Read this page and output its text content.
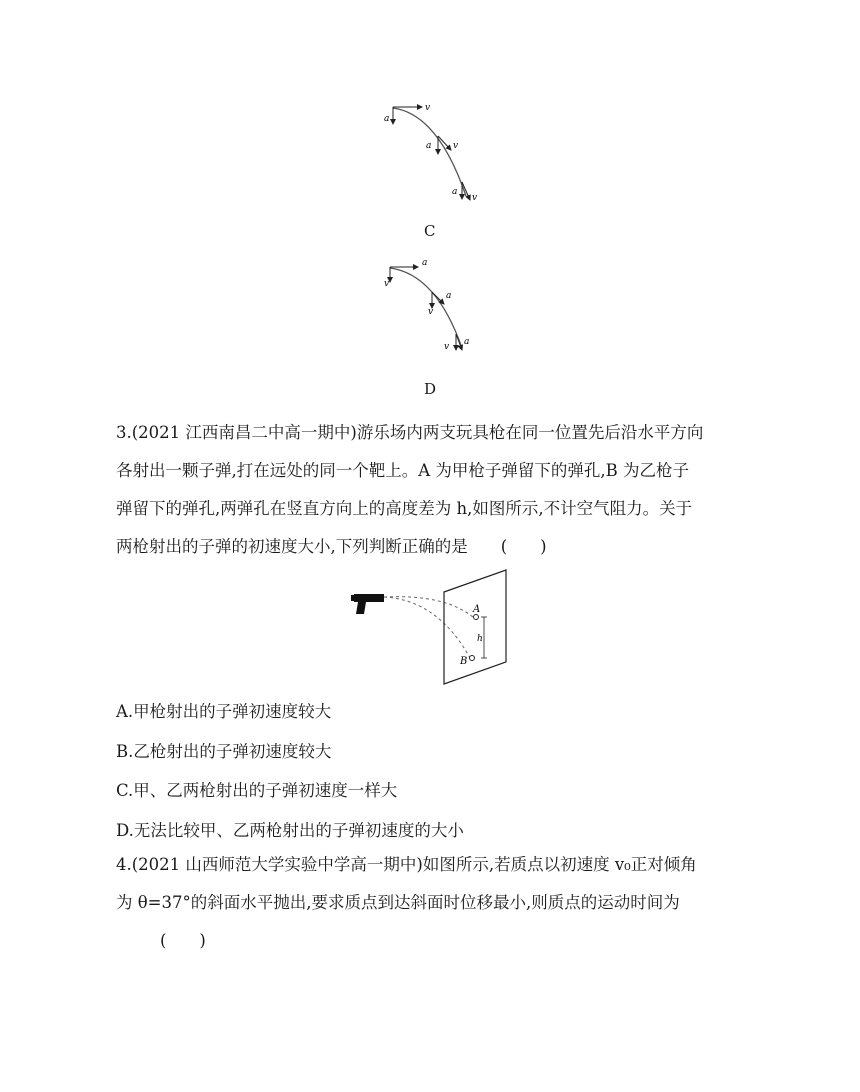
v
a
a v
a
v
C
a
v
a
v
v a
D
3.(2021 江西南昌二中高一期中)游乐场内两支玩具枪在同一位置先后沿水平方向
各射出一颗子弹,打在远处的同一个靶上。A 为甲枪子弹留下的弹孔,B 为乙枪子
弹留下的弹孔,两弹孔在竖直方向上的高度差为 h,如图所示,不计空气阻力。关于
两枪射出的子弹的初速度大小,下列判断正确的是　　(　　)
A
B
h
A.甲枪射出的子弹初速度较大
B.乙枪射出的子弹初速度较大
C.甲、乙两枪射出的子弹初速度一样大
D.无法比较甲、乙两枪射出的子弹初速度的大小
4.(2021 山西师范大学实验中学高一期中)如图所示,若质点以初速度 v₀正对倾角
为 θ=37°的斜面水平抛出,要求质点到达斜面时位移最小,则质点的运动时间为
(　　)
